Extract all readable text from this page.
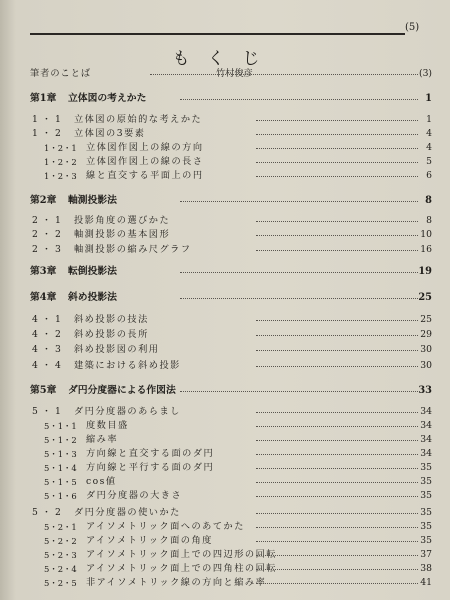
(5)
もくじ
筆者のことば	竹村俊彦	(3)
第1章 立体図の考えかた	1
1・1 立体図の原始的な考えかた	1
1・2 立体図の3要素	4
1・2・1 立体図作図上の線の方向	4
1・2・2 立体図作図上の線の長さ	5
1・2・3 線と直交する平面上の円	6
第2章 軸測投影法	8
2・1 投影角度の選びかた	8
2・2 軸測投影の基本図形	10
2・3 軸測投影の縮み尺グラフ	16
第3章 転倒投影法	19
第4章 斜め投影法	25
4・1 斜め投影の技法	25
4・2 斜め投影の長所	29
4・3 斜め投影図の利用	30
4・4 建築における斜め投影	30
第5章 ダ円分度器による作図法	33
5・1 ダ円分度器のあらまし	34
5・1・1 度数目盛	34
5・1・2 縮み率	34
5・1・3 方向線と直交する面のダ円	34
5・1・4 方向線と平行する面のダ円	35
5・1・5 cos値	35
5・1・6 ダ円分度器の大きさ	35
5・2 ダ円分度器の使いかた	35
5・2・1 アイソメトリック面へのあてかた	35
5・2・2 アイソメトリック面の角度	35
5・2・3 アイソメトリック面上での四辺形の回転	37
5・2・4 アイソメトリック面上での四角柱の回転	38
5・2・5 非アイソメトリック線の方向と縮み率	41
